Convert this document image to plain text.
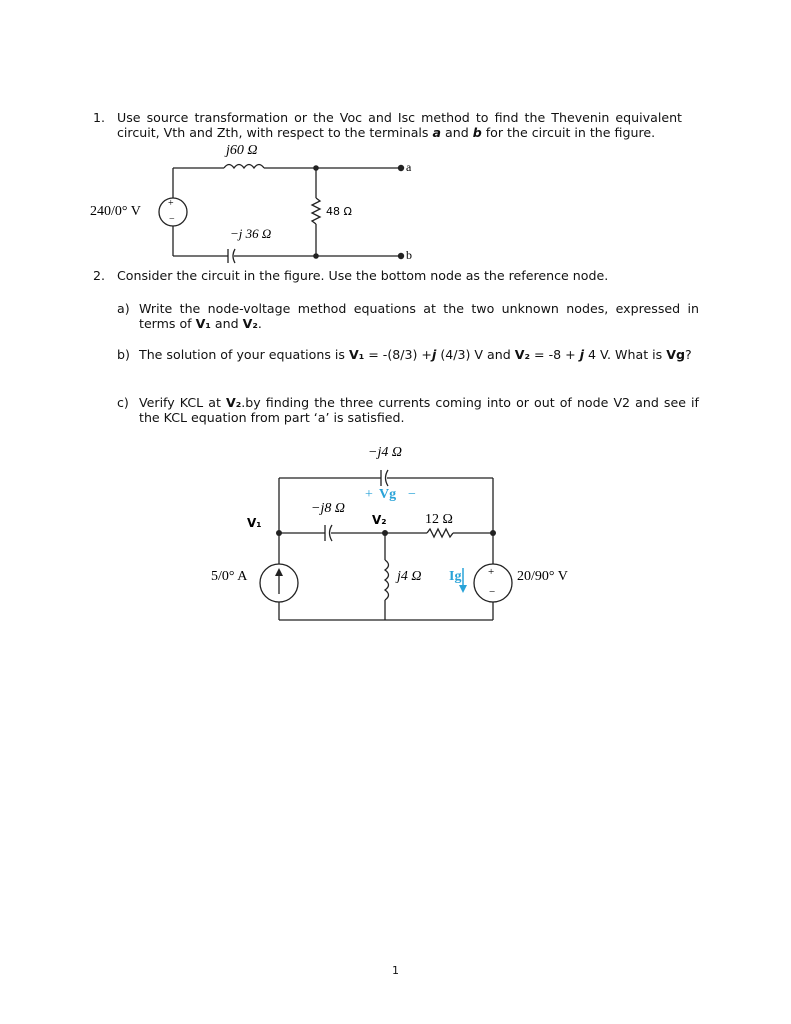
1. Use source transformation or the Voc and Isc method to find the Thevenin equivalent circuit, Vth and Zth, with respect to the terminals a and b for the circuit in the figure.

+
−
j60 Ω
240/0° V	48 Ω
−j 36 Ω
a
b
2. Consider the circuit in the figure. Use the bottom node as the reference node.

a) Write the node-voltage method equations at the two unknown nodes, expressed in terms of V₁ and V₂.

b) The solution of your equations is V₁ = -(8/3) +j (4/3) V and V₂ = -8 + j 4 V. What is Vg?

c) Verify KCL at V₂.by finding the three currents coming into or out of node V2 and see if the KCL equation from part ‘a’ is satisfied.

−j4 Ω
+ Vg −
−j8 Ω
V₁	V₂	12 Ω
5/0° A	j4 Ω Ig +
−
20/90° V
1
